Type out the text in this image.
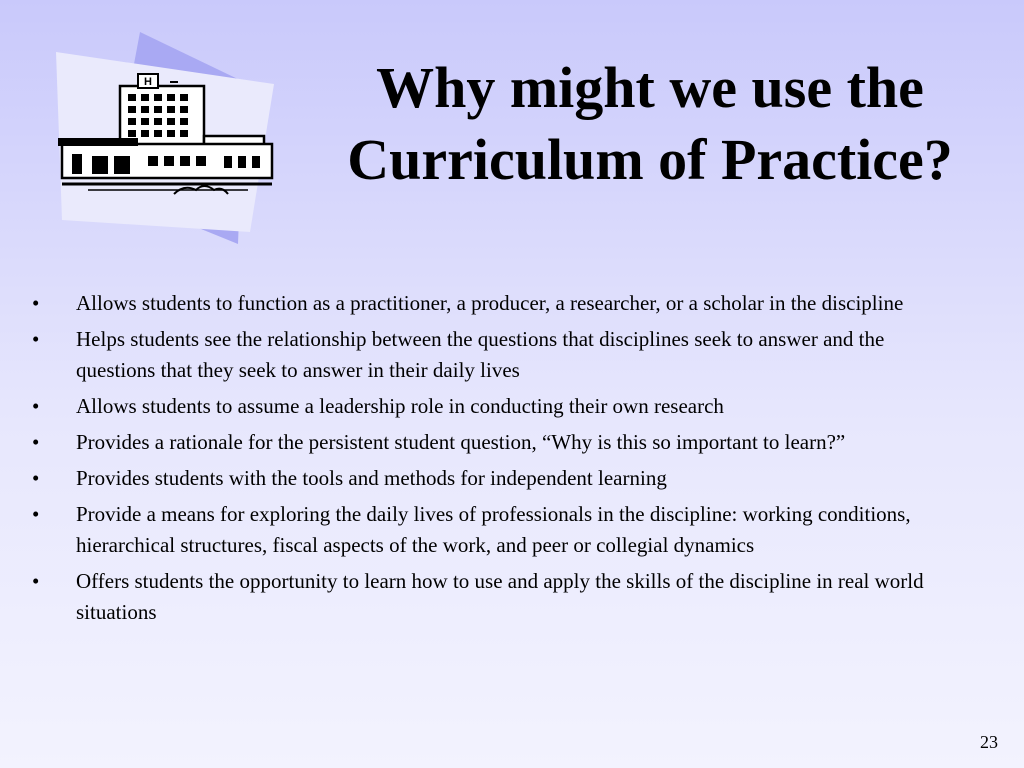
H	Why might we use the
Curriculum of Practice?
•	Allows students to function as a practitioner, a producer, a researcher, or a scholar in the discipline
•	Helps students see the relationship between the questions that disciplines seek to answer and the questions that they seek to answer in their daily lives
•	Allows students to assume a leadership role in conducting their own research
•	Provides a rationale for the persistent student question, “Why is this so important to learn?”
•	Provides students with the tools and methods for independent learning
•	Provide a means for exploring the daily lives of professionals in the discipline: working conditions, hierarchical structures, fiscal aspects of the work, and peer or collegial dynamics
•	Offers students the opportunity to learn how to use and apply the skills of the discipline in real world situations
23
